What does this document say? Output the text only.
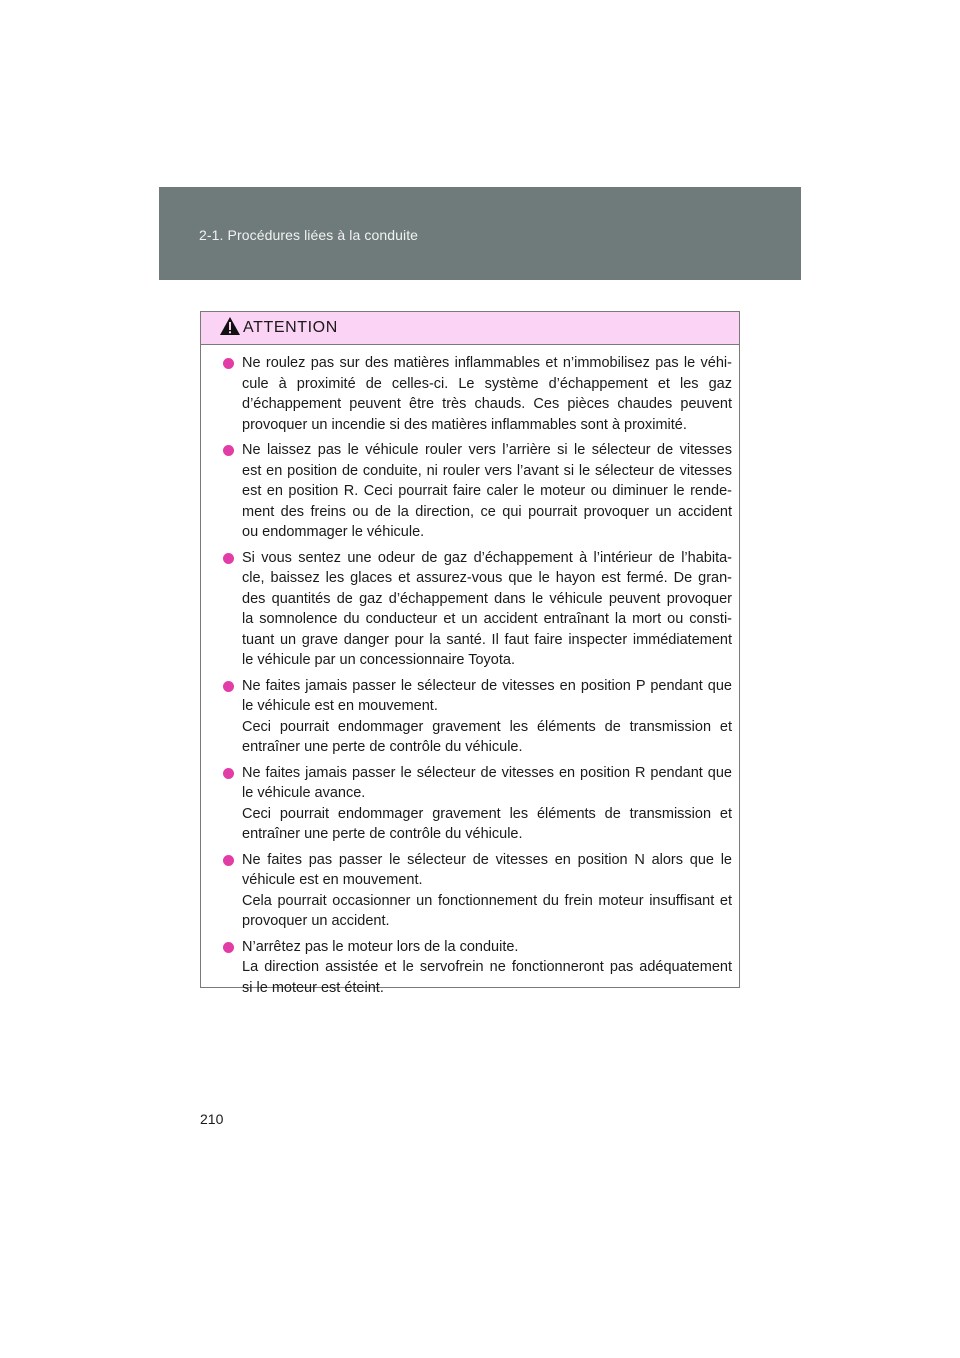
2-1. Procédures liées à la conduite
ATTENTION
Ne roulez pas sur des matières inflammables et n’immobilisez pas le véhi-
cule à proximité de celles-ci. Le système d’échappement et les gaz
d’échappement peuvent être très chauds. Ces pièces chaudes peuvent
provoquer un incendie si des matières inflammables sont à proximité.
Ne laissez pas le véhicule rouler vers l’arrière si le sélecteur de vitesses
est en position de conduite, ni rouler vers l’avant si le sélecteur de vitesses
est en position R. Ceci pourrait faire caler le moteur ou diminuer le rende-
ment des freins ou de la direction, ce qui pourrait provoquer un accident
ou endommager le véhicule.
Si vous sentez une odeur de gaz d’échappement à l’intérieur de l’habita-
cle, baissez les glaces et assurez-vous que le hayon est fermé. De gran-
des quantités de gaz d’échappement dans le véhicule peuvent provoquer
la somnolence du conducteur et un accident entraînant la mort ou consti-
tuant un grave danger pour la santé. Il faut faire inspecter immédiatement
le véhicule par un concessionnaire Toyota.
Ne faites jamais passer le sélecteur de vitesses en position P pendant que
le véhicule est en mouvement.
Ceci pourrait endommager gravement les éléments de transmission et
entraîner une perte de contrôle du véhicule.
Ne faites jamais passer le sélecteur de vitesses en position R pendant que
le véhicule avance.
Ceci pourrait endommager gravement les éléments de transmission et
entraîner une perte de contrôle du véhicule.
Ne faites pas passer le sélecteur de vitesses en position N alors que le
véhicule est en mouvement.
Cela pourrait occasionner un fonctionnement du frein moteur insuffisant et
provoquer un accident.
N’arrêtez pas le moteur lors de la conduite.
La direction assistée et le servofrein ne fonctionneront pas adéquatement
si le moteur est éteint.
210
